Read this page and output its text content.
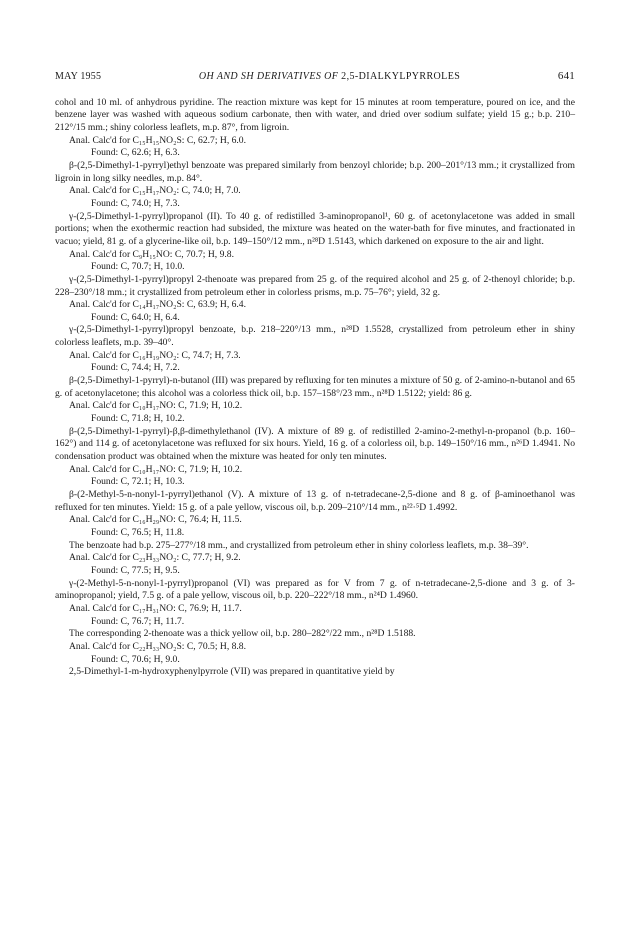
MAY 1955	OH AND SH DERIVATIVES OF 2,5-DIALKYLPYRROLES	641

cohol and 10 ml. of anhydrous pyridine. The reaction mixture was kept for 15 minutes at room temperature, poured on ice, and the benzene layer was washed with aqueous sodium carbonate, then with water, and dried over sodium sulfate; yield 15 g.; b.p. 210–212°/15 mm.; shiny colorless leaflets, m.p. 87°, from ligroin.

Anal. Calc'd for C₁₅H₁₅NO₂S: C, 62.7; H, 6.0.

Found: C, 62.6; H, 6.3.

β-(2,5-Dimethyl-1-pyrryl)ethyl benzoate was prepared similarly from benzoyl chloride; b.p. 200–201°/13 mm.; it crystallized from ligroin in long silky needles, m.p. 84°.

Anal. Calc'd for C₁₅H₁₇NO₂: C, 74.0; H, 7.0.

Found: C, 74.0; H, 7.3.

γ-(2,5-Dimethyl-1-pyrryl)propanol (II). To 40 g. of redistilled 3-aminopropanol¹, 60 g. of acetonylacetone was added in small portions; when the exothermic reaction had subsided, the mixture was heated on the water-bath for five minutes, and fractionated in vacuo; yield, 81 g. of a glycerine-like oil, b.p. 149–150°/12 mm., n²⁸D 1.5143, which darkened on exposure to the air and light.

Anal. Calc'd for C₉H₁₅NO: C, 70.7; H, 9.8.

Found: C, 70.7; H, 10.0.

γ-(2,5-Dimethyl-1-pyrryl)propyl 2-thenoate was prepared from 25 g. of the required alcohol and 25 g. of 2-thenoyl chloride; b.p. 228–230°/18 mm.; it crystallized from petroleum ether in colorless prisms, m.p. 75–76°; yield, 32 g.

Anal. Calc'd for C₁₄H₁₇NO₂S: C, 63.9; H, 6.4.

Found: C, 64.0; H, 6.4.

γ-(2,5-Dimethyl-1-pyrryl)propyl benzoate, b.p. 218–220°/13 mm., n²⁸D 1.5528, crystallized from petroleum ether in shiny colorless leaflets, m.p. 39–40°.

Anal. Calc'd for C₁₆H₁₉NO₂: C, 74.7; H, 7.3.

Found: C, 74.4; H, 7.2.

β-(2,5-Dimethyl-1-pyrryl)-n-butanol (III) was prepared by refluxing for ten minutes a mixture of 50 g. of 2-amino-n-butanol and 65 g. of acetonylacetone; this alcohol was a colorless thick oil, b.p. 157–158°/23 mm., n²⁸D 1.5122; yield: 86 g.

Anal. Calc'd for C₁₀H₁₇NO: C, 71.9; H, 10.2.

Found: C, 71.8; H, 10.2.

β-(2,5-Dimethyl-1-pyrryl)-β,β-dimethylethanol (IV). A mixture of 89 g. of redistilled 2-amino-2-methyl-n-propanol (b.p. 160–162°) and 114 g. of acetonylacetone was refluxed for six hours. Yield, 16 g. of a colorless oil, b.p. 149–150°/16 mm., n²⁶D 1.4941. No condensation product was obtained when the mixture was heated for only ten minutes.

Anal. Calc'd for C₁₀H₁₇NO: C, 71.9; H, 10.2.

Found: C, 72.1; H, 10.3.

β-(2-Methyl-5-n-nonyl-1-pyrryl)ethanol (V). A mixture of 13 g. of n-tetradecane-2,5-dione and 8 g. of β-aminoethanol was refluxed for ten minutes. Yield: 15 g. of a pale yellow, viscous oil, b.p. 209–210°/14 mm., n²²·⁵D 1.4992.

Anal. Calc'd for C₁₆H₂₉NO: C, 76.4; H, 11.5.

Found: C, 76.5; H, 11.8.

The benzoate had b.p. 275–277°/18 mm., and crystallized from petroleum ether in shiny colorless leaflets, m.p. 38–39°.

Anal. Calc'd for C₂₃H₃₃NO₂: C, 77.7; H, 9.2.

Found: C, 77.5; H, 9.5.

γ-(2-Methyl-5-n-nonyl-1-pyrryl)propanol (VI) was prepared as for V from 7 g. of n-tetradecane-2,5-dione and 3 g. of 3-aminopropanol; yield, 7.5 g. of a pale yellow, viscous oil, b.p. 220–222°/18 mm., n²⁴D 1.4960.

Anal. Calc'd for C₁₇H₃₁NO: C, 76.9; H, 11.7.

Found: C, 76.7; H, 11.7.

The corresponding 2-thenoate was a thick yellow oil, b.p. 280–282°/22 mm., n²⁸D 1.5188.

Anal. Calc'd for C₂₂H₃₃NO₂S: C, 70.5; H, 8.8.

Found: C, 70.6; H, 9.0.

2,5-Dimethyl-1-m-hydroxyphenylpyrrole (VII) was prepared in quantitative yield by
